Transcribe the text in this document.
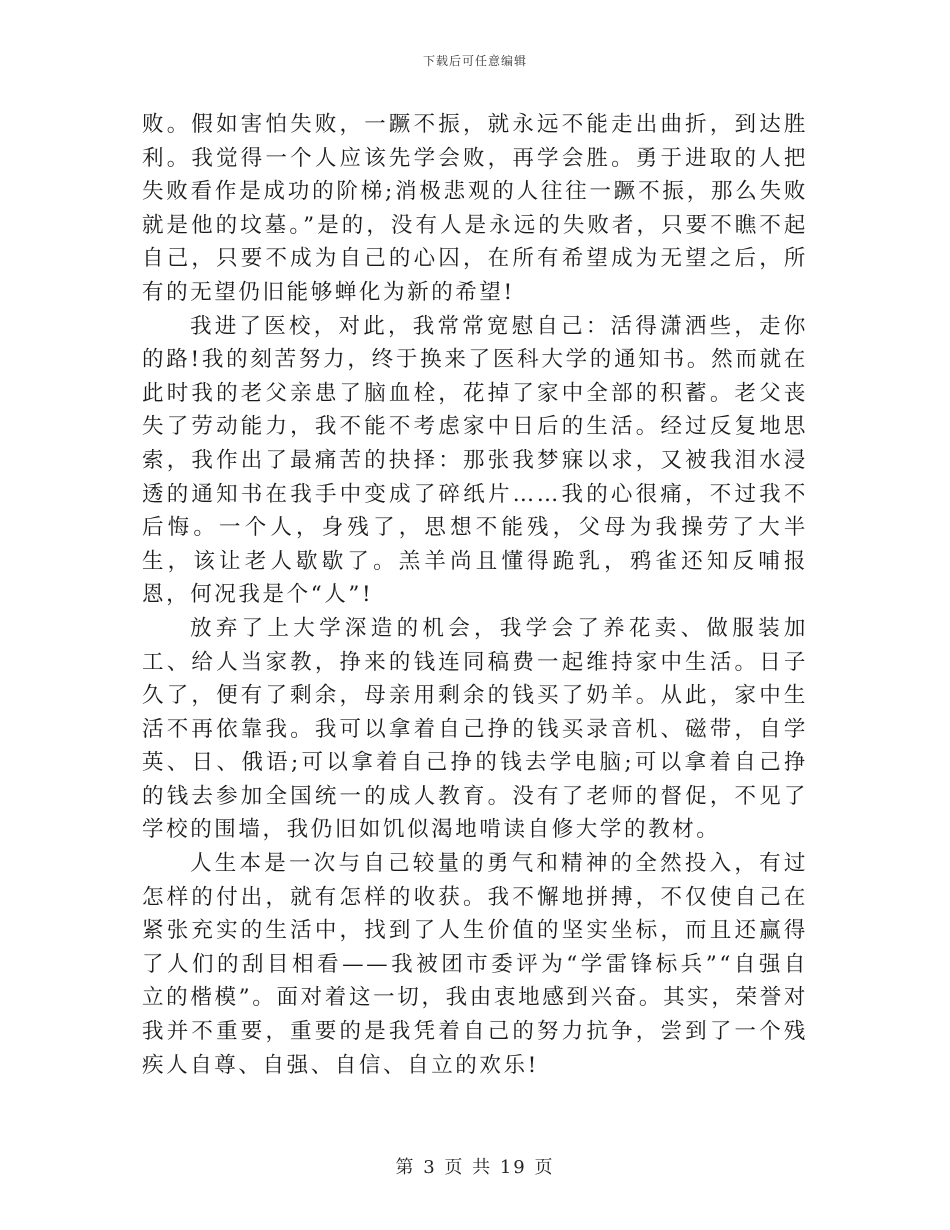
下载后可任意编辑

败。假如害怕失败，一蹶不振，就永远不能走出曲折，到达胜利。我觉得一个人应该先学会败，再学会胜。勇于进取的人把失败看作是成功的阶梯;消极悲观的人往往一蹶不振，那么失败就是他的坟墓。”是的，没有人是永远的失败者，只要不瞧不起自己，只要不成为自己的心囚，在所有希望成为无望之后，所有的无望仍旧能够蝉化为新的希望!

我进了医校，对此，我常常宽慰自己：活得潇洒些，走你的路!我的刻苦努力，终于换来了医科大学的通知书。然而就在此时我的老父亲患了脑血栓，花掉了家中全部的积蓄。老父丧失了劳动能力，我不能不考虑家中日后的生活。经过反复地思索，我作出了最痛苦的抉择：那张我梦寐以求，又被我泪水浸透的通知书在我手中变成了碎纸片……我的心很痛，不过我不后悔。一个人，身残了，思想不能残，父母为我操劳了大半生，该让老人歇歇了。羔羊尚且懂得跪乳，鸦雀还知反哺报恩，何况我是个“人”!

放弃了上大学深造的机会，我学会了养花卖、做服装加工、给人当家教，挣来的钱连同稿费一起维持家中生活。日子久了，便有了剩余，母亲用剩余的钱买了奶羊。从此，家中生活不再依靠我。我可以拿着自己挣的钱买录音机、磁带，自学英、日、俄语;可以拿着自己挣的钱去学电脑;可以拿着自己挣的钱去参加全国统一的成人教育。没有了老师的督促，不见了学校的围墙，我仍旧如饥似渴地啃读自修大学的教材。

人生本是一次与自己较量的勇气和精神的全然投入，有过怎样的付出，就有怎样的收获。我不懈地拼搏，不仅使自己在紧张充实的生活中，找到了人生价值的坚实坐标，而且还赢得了人们的刮目相看——我被团市委评为“学雷锋标兵”“自强自立的楷模”。面对着这一切，我由衷地感到兴奋。其实，荣誉对我并不重要，重要的是我凭着自己的努力抗争，尝到了一个残疾人自尊、自强、自信、自立的欢乐!

第 3 页 共 19 页
